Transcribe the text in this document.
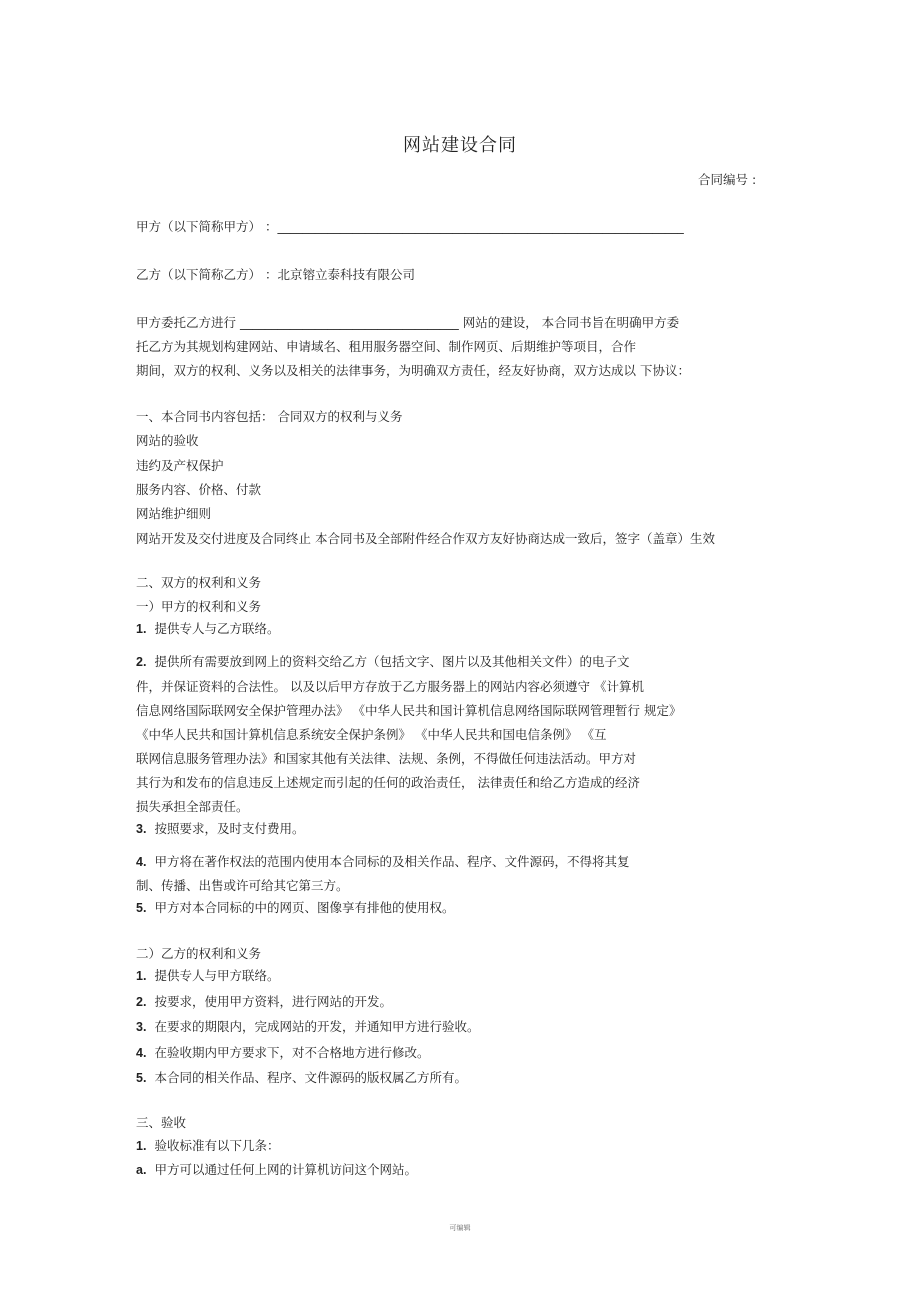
网站建设合同
合同编号 :
甲方（以下简称甲方） ：_________________________________________________________________
乙方（以下简称乙方） ：北京镕立泰科技有限公司
甲方委托乙方进行 ___________________________________ 网站的建设， 本合同书旨在明确甲方委
托乙方为其规划构建网站、申请域名、租用服务器空间、制作网页、后期维护等项目，合作
期间，双方的权利、义务以及相关的法律事务，为明确双方责任，经友好协商，双方达成以 下协议：
一、本合同书内容包括： 合同双方的权利与义务
网站的验收
违约及产权保护
服务内容、价格、付款
网站维护细则
网站开发及交付进度及合同终止 本合同书及全部附件经合作双方友好协商达成一致后，签字（盖章）生效
二、双方的权利和义务
一）甲方的权利和义务
1. 提供专人与乙方联络。
2. 提供所有需要放到网上的资料交给乙方（包括文字、图片以及其他相关文件）的电子文
件，并保证资料的合法性。 以及以后甲方存放于乙方服务器上的网站内容必须遵守 《计算机
信息网络国际联网安全保护管理办法》 《中华人民共和国计算机信息网络国际联网管理暂行 规定》
《中华人民共和国计算机信息系统安全保护条例》 《中华人民共和国电信条例》 《互
联网信息服务管理办法》和国家其他有关法律、法规、条例，不得做任何违法活动。甲方对
其行为和发布的信息违反上述规定而引起的任何的政治责任， 法律责任和给乙方造成的经济
损失承担全部责任。
3. 按照要求，及时支付费用。
4. 甲方将在著作权法的范围内使用本合同标的及相关作品、程序、文件源码，不得将其复
制、传播、出售或许可给其它第三方。
5. 甲方对本合同标的中的网页、图像享有排他的使用权。
二）乙方的权利和义务
1. 提供专人与甲方联络。
2. 按要求，使用甲方资料，进行网站的开发。
3. 在要求的期限内，完成网站的开发，并通知甲方进行验收。
4. 在验收期内甲方要求下，对不合格地方进行修改。
5. 本合同的相关作品、程序、文件源码的版权属乙方所有。
三、验收
1. 验收标准有以下几条：
a. 甲方可以通过任何上网的计算机访问这个网站。
可编辑
